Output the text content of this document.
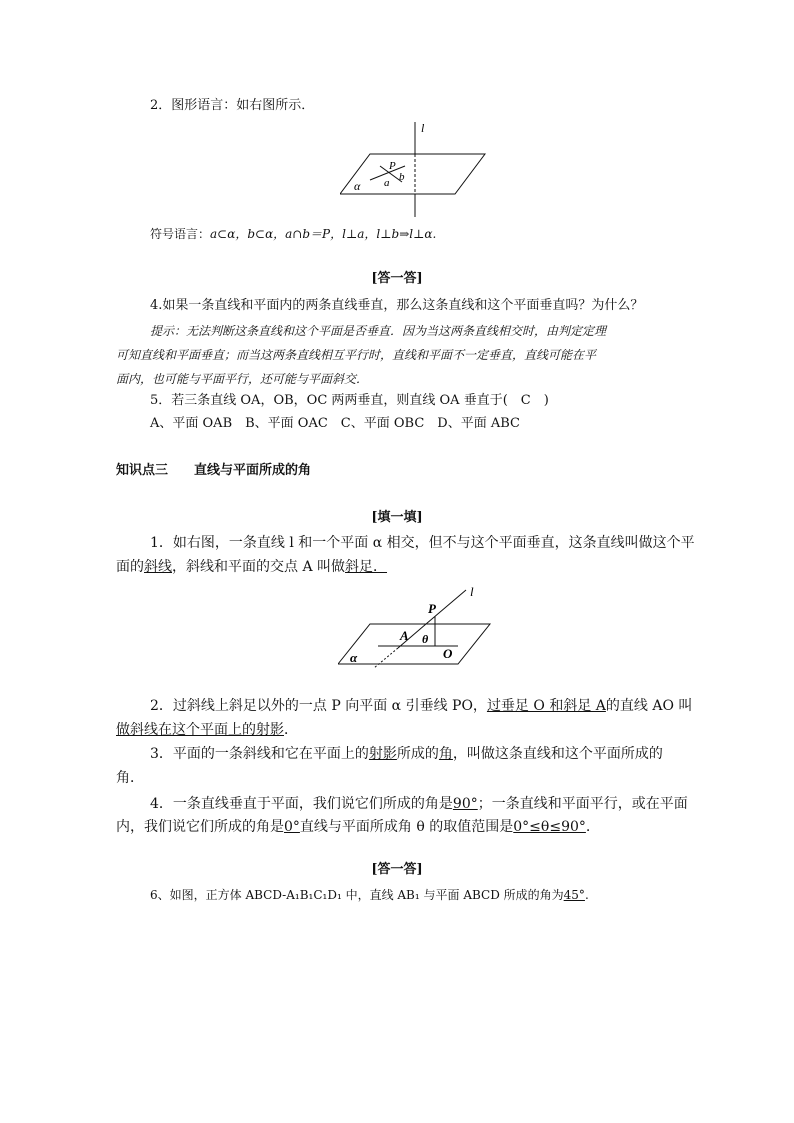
2．图形语言：如右图所示．
l
P
a b
α
符号语言：a⊂α，b⊂α，a∩b＝P，l⊥a，l⊥b⇒l⊥α.
[答一答]
4.如果一条直线和平面内的两条直线垂直，那么这条直线和这个平面垂直吗？为什么？
提示：无法判断这条直线和这个平面是否垂直．因为当这两条直线相交时，由判定定理
可知直线和平面垂直；而当这两条直线相互平行时，直线和平面不一定垂直，直线可能在平
面内，也可能与平面平行，还可能与平面斜交．
5．若三条直线 OA，OB，OC 两两垂直，则直线 OA 垂直于(　C　)
A、平面 OAB　B、平面 OAC　C、平面 OBC　D、平面 ABC
知识点三 直线与平面所成的角
[填一填]
1．如右图，一条直线 l 和一个平面 α 相交，但不与这个平面垂直，这条直线叫做这个平
面的斜线，斜线和平面的交点 A 叫做斜足．
l
P
A θ
O
α
2．过斜线上斜足以外的一点 P 向平面 α 引垂线 PO，过垂足 O 和斜足 A的直线 AO 叫
做斜线在这个平面上的射影．
3．平面的一条斜线和它在平面上的射影所成的角，叫做这条直线和这个平面所成的
角．
4．一条直线垂直于平面，我们说它们所成的角是90°；一条直线和平面平行，或在平面
内，我们说它们所成的角是0°直线与平面所成角 θ 的取值范围是0°≤θ≤90°.
[答一答]
6、如图，正方体 ABCD-A₁B₁C₁D₁ 中，直线 AB₁ 与平面 ABCD 所成的角为45°.
